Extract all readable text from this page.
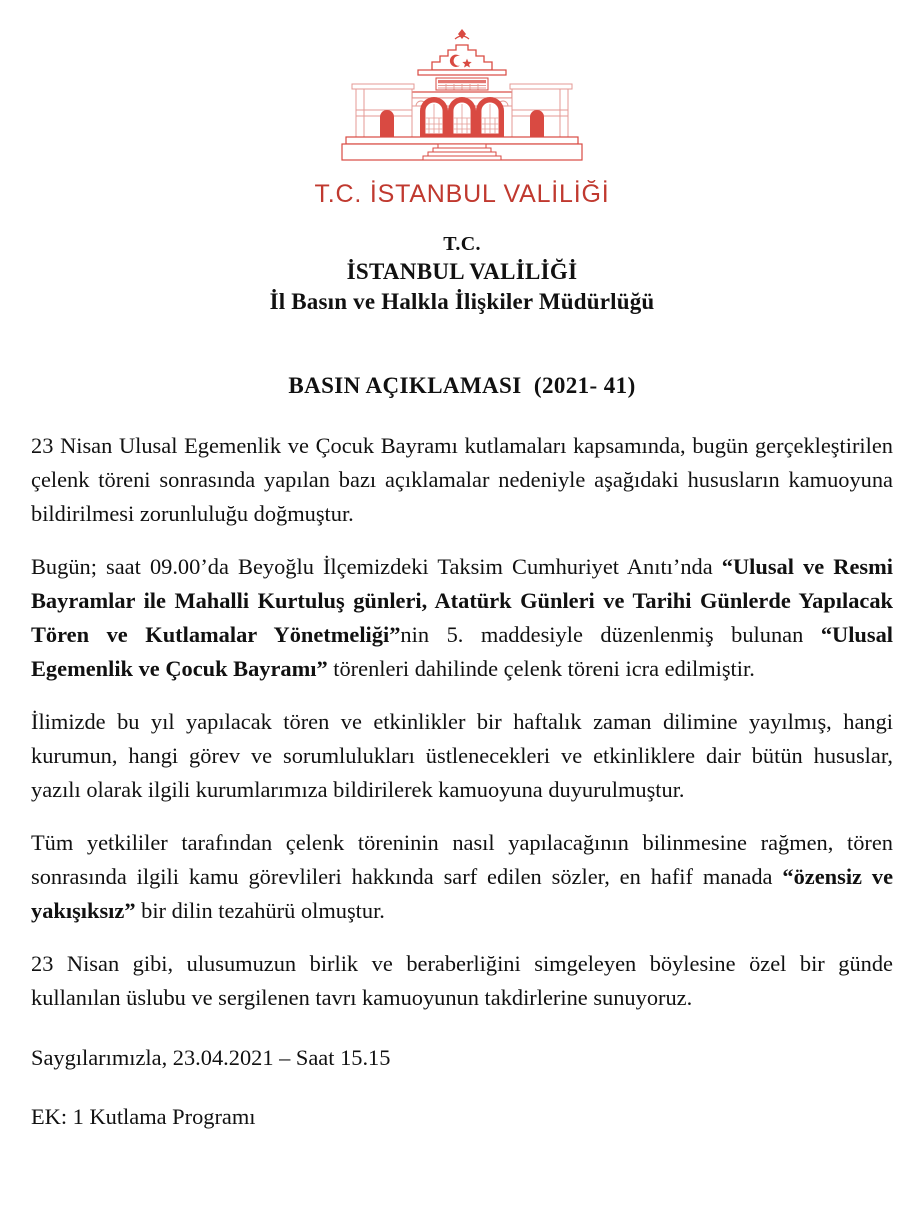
T.C. İSTANBUL VALİLİĞİ
T.C.
İSTANBUL VALİLİĞİ
İl Basın ve Halkla İlişkiler Müdürlüğü
BASIN AÇIKLAMASI  (2021- 41)

23 Nisan Ulusal Egemenlik ve Çocuk Bayramı kutlamaları kapsamında, bugün gerçekleştirilen çelenk töreni sonrasında yapılan bazı açıklamalar nedeniyle aşağıdaki hususların kamuoyuna bildirilmesi zorunluluğu doğmuştur.

Bugün; saat 09.00’da Beyoğlu İlçemizdeki Taksim Cumhuriyet Anıtı’nda “Ulusal ve Resmi Bayramlar ile Mahalli Kurtuluş günleri, Atatürk Günleri ve Tarihi Günlerde Yapılacak Tören ve Kutlamalar Yönetmeliği”nin 5. maddesiyle düzenlenmiş bulunan “Ulusal Egemenlik ve Çocuk Bayramı” törenleri dahilinde çelenk töreni icra edilmiştir.

İlimizde bu yıl yapılacak tören ve etkinlikler bir haftalık zaman dilimine yayılmış, hangi kurumun, hangi görev ve sorumlulukları üstlenecekleri ve etkinliklere dair bütün hususlar, yazılı olarak ilgili kurumlarımıza bildirilerek kamuoyuna duyurulmuştur.

Tüm yetkililer tarafından çelenk töreninin nasıl yapılacağının bilinmesine rağmen, tören sonrasında ilgili kamu görevlileri hakkında sarf edilen sözler, en hafif manada “özensiz ve yakışıksız” bir dilin tezahürü olmuştur.

23 Nisan gibi, ulusumuzun birlik ve beraberliğini simgeleyen böylesine özel bir günde kullanılan üslubu ve sergilenen tavrı kamuoyunun takdirlerine sunuyoruz.

Saygılarımızla, 23.04.2021 – Saat 15.15

EK: 1 Kutlama Programı
